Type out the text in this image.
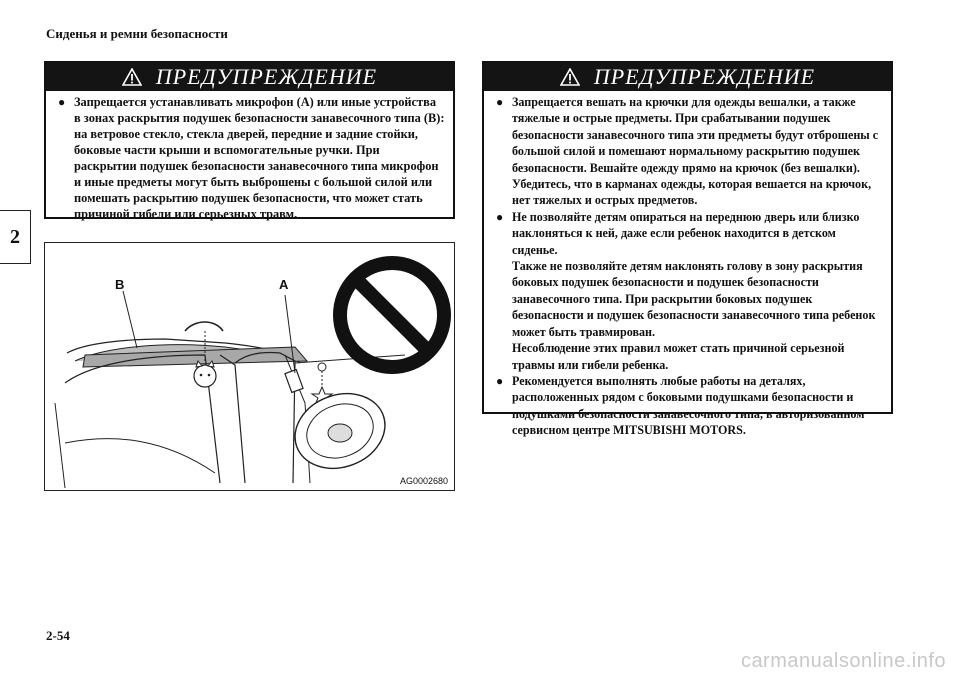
Сиденья и ремни безопасности
2
ПРЕДУПРЕЖДЕНИЕ
● Запрещается устанавливать микрофон (A) или иные устройства в зонах раскрытия подушек безопасности занавесочного типа (B): на ветровое стекло, стекла дверей, передние и задние стойки, боковые части крыши и вспомогательные ручки. При раскрытии подушек безопасности занавесочного типа микрофон и иные предметы могут быть выброшены с большой силой или помешать раскрытию подушек безопасности, что может стать причиной гибели или серьезных травм.

B	A
AG0002680
ПРЕДУПРЕЖДЕНИЕ
● Запрещается вешать на крючки для одежды вешалки, а также тяжелые и острые предметы. При срабатывании подушек безопасности занавесочного типа эти предметы будут отброшены с большой силой и помешают нормальному раскрытию подушек безопасности. Вешайте одежду прямо на крючок (без вешалки). Убедитесь, что в карманах одежды, которая вешается на крючок, нет тяжелых и острых предметов.

● Не позволяйте детям опираться на переднюю дверь или близко наклоняться к ней, даже если ребенок находится в детском сиденье.

Также не позволяйте детям наклонять голову в зону раскрытия боковых подушек безопасности и подушек безопасности занавесочного типа. При раскрытии боковых подушек безопасности и подушек безопасности занавесочного типа ребенок может быть травмирован.

Несоблюдение этих правил может стать причиной серьезной травмы или гибели ребенка.

● Рекомендуется выполнять любые работы на деталях, расположенных рядом с боковыми подушками безопасности и подушками безопасности занавесочного типа, в авторизованном сервисном центре MITSUBISHI MOTORS.

2-54
carmanualsonline.info
